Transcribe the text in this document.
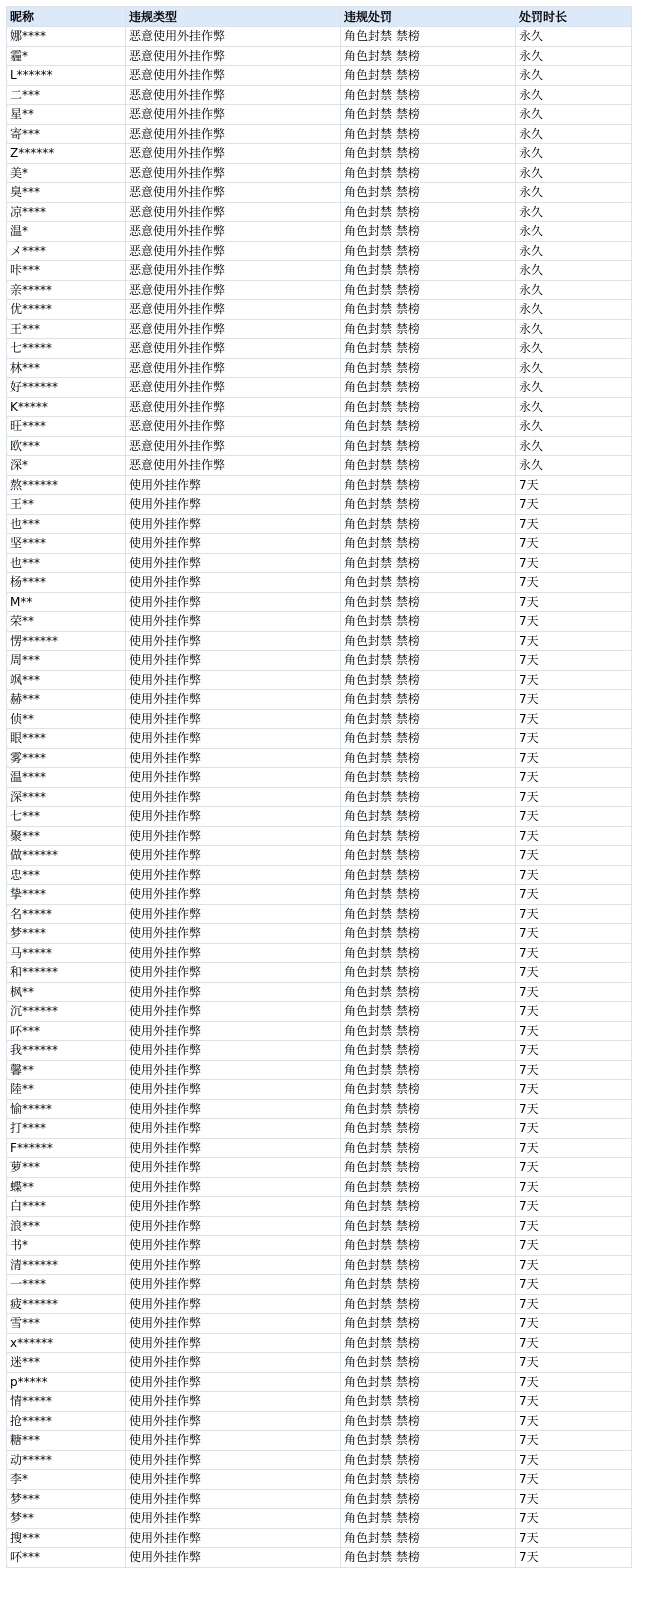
昵称	违规类型	违规处罚	处罚时长
娜****	恶意使用外挂作弊	角色封禁 禁榜	永久
霾*	恶意使用外挂作弊	角色封禁 禁榜	永久
L******	恶意使用外挂作弊	角色封禁 禁榜	永久
二***	恶意使用外挂作弊	角色封禁 禁榜	永久
星**	恶意使用外挂作弊	角色封禁 禁榜	永久
寄***	恶意使用外挂作弊	角色封禁 禁榜	永久
Z******	恶意使用外挂作弊	角色封禁 禁榜	永久
美*	恶意使用外挂作弊	角色封禁 禁榜	永久
臭***	恶意使用外挂作弊	角色封禁 禁榜	永久
凉****	恶意使用外挂作弊	角色封禁 禁榜	永久
温*	恶意使用外挂作弊	角色封禁 禁榜	永久
メ****	恶意使用外挂作弊	角色封禁 禁榜	永久
咔***	恶意使用外挂作弊	角色封禁 禁榜	永久
亲*****	恶意使用外挂作弊	角色封禁 禁榜	永久
优*****	恶意使用外挂作弊	角色封禁 禁榜	永久
王***	恶意使用外挂作弊	角色封禁 禁榜	永久
七*****	恶意使用外挂作弊	角色封禁 禁榜	永久
林***	恶意使用外挂作弊	角色封禁 禁榜	永久
好******	恶意使用外挂作弊	角色封禁 禁榜	永久
K*****	恶意使用外挂作弊	角色封禁 禁榜	永久
旺****	恶意使用外挂作弊	角色封禁 禁榜	永久
欧***	恶意使用外挂作弊	角色封禁 禁榜	永久
深*	恶意使用外挂作弊	角色封禁 禁榜	永久
熬******	使用外挂作弊	角色封禁 禁榜	7天
王**	使用外挂作弊	角色封禁 禁榜	7天
也***	使用外挂作弊	角色封禁 禁榜	7天
坚****	使用外挂作弊	角色封禁 禁榜	7天
也***	使用外挂作弊	角色封禁 禁榜	7天
杨****	使用外挂作弊	角色封禁 禁榜	7天
M**	使用外挂作弊	角色封禁 禁榜	7天
荣**	使用外挂作弊	角色封禁 禁榜	7天
愣******	使用外挂作弊	角色封禁 禁榜	7天
周***	使用外挂作弊	角色封禁 禁榜	7天
飒***	使用外挂作弊	角色封禁 禁榜	7天
赫***	使用外挂作弊	角色封禁 禁榜	7天
侦**	使用外挂作弊	角色封禁 禁榜	7天
眼****	使用外挂作弊	角色封禁 禁榜	7天
雾****	使用外挂作弊	角色封禁 禁榜	7天
温****	使用外挂作弊	角色封禁 禁榜	7天
深****	使用外挂作弊	角色封禁 禁榜	7天
七***	使用外挂作弊	角色封禁 禁榜	7天
聚***	使用外挂作弊	角色封禁 禁榜	7天
做******	使用外挂作弊	角色封禁 禁榜	7天
忠***	使用外挂作弊	角色封禁 禁榜	7天
挚****	使用外挂作弊	角色封禁 禁榜	7天
名*****	使用外挂作弊	角色封禁 禁榜	7天
梦****	使用外挂作弊	角色封禁 禁榜	7天
马*****	使用外挂作弊	角色封禁 禁榜	7天
和******	使用外挂作弊	角色封禁 禁榜	7天
枫**	使用外挂作弊	角色封禁 禁榜	7天
沉******	使用外挂作弊	角色封禁 禁榜	7天
吥***	使用外挂作弊	角色封禁 禁榜	7天
我******	使用外挂作弊	角色封禁 禁榜	7天
馨**	使用外挂作弊	角色封禁 禁榜	7天
陸**	使用外挂作弊	角色封禁 禁榜	7天
愉*****	使用外挂作弊	角色封禁 禁榜	7天
打****	使用外挂作弊	角色封禁 禁榜	7天
F******	使用外挂作弊	角色封禁 禁榜	7天
萝***	使用外挂作弊	角色封禁 禁榜	7天
蝶**	使用外挂作弊	角色封禁 禁榜	7天
白****	使用外挂作弊	角色封禁 禁榜	7天
浪***	使用外挂作弊	角色封禁 禁榜	7天
书*	使用外挂作弊	角色封禁 禁榜	7天
清******	使用外挂作弊	角色封禁 禁榜	7天
一****	使用外挂作弊	角色封禁 禁榜	7天
疲******	使用外挂作弊	角色封禁 禁榜	7天
雪***	使用外挂作弊	角色封禁 禁榜	7天
x******	使用外挂作弊	角色封禁 禁榜	7天
迷***	使用外挂作弊	角色封禁 禁榜	7天
p*****	使用外挂作弊	角色封禁 禁榜	7天
情*****	使用外挂作弊	角色封禁 禁榜	7天
抢*****	使用外挂作弊	角色封禁 禁榜	7天
糖***	使用外挂作弊	角色封禁 禁榜	7天
动*****	使用外挂作弊	角色封禁 禁榜	7天
李*	使用外挂作弊	角色封禁 禁榜	7天
梦***	使用外挂作弊	角色封禁 禁榜	7天
梦**	使用外挂作弊	角色封禁 禁榜	7天
搜***	使用外挂作弊	角色封禁 禁榜	7天
吥***	使用外挂作弊	角色封禁 禁榜	7天
